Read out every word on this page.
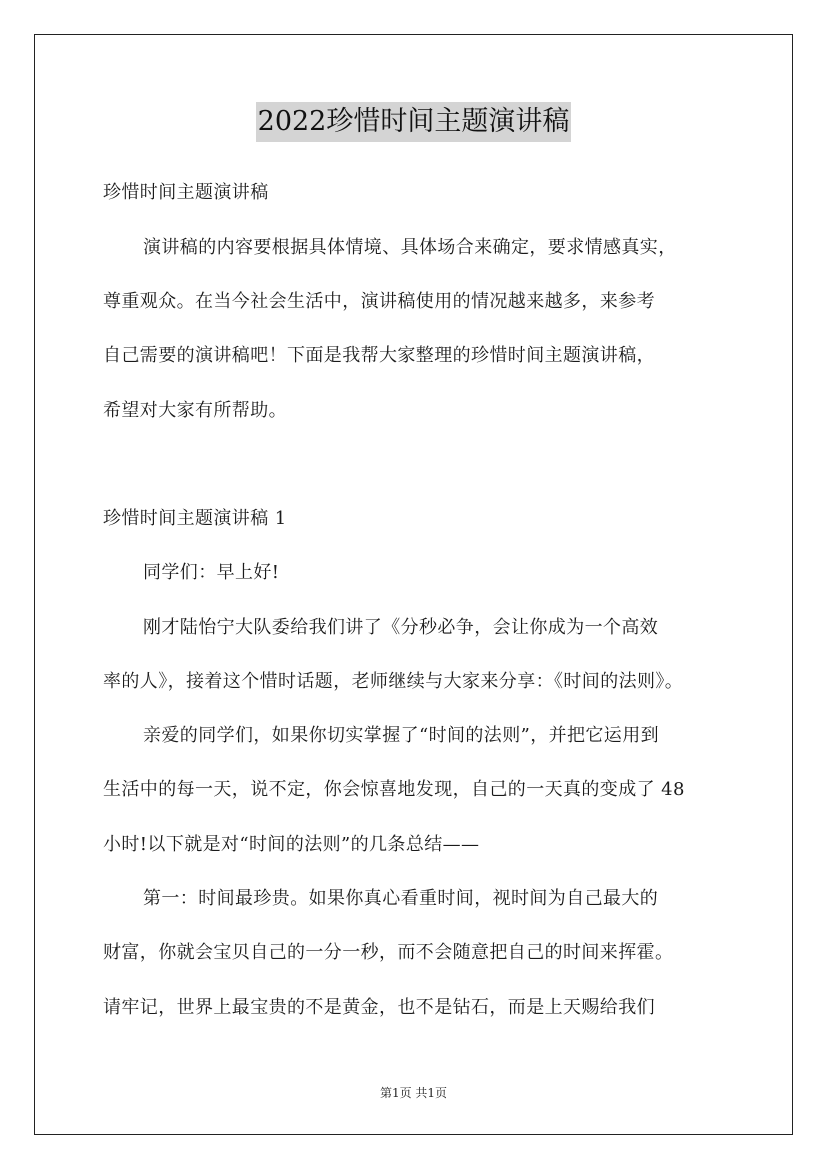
2022珍惜时间主题演讲稿
珍惜时间主题演讲稿
演讲稿的内容要根据具体情境、具体场合来确定，要求情感真实，
尊重观众。在当今社会生活中，演讲稿使用的情况越来越多，来参考
自己需要的演讲稿吧！下面是我帮大家整理的珍惜时间主题演讲稿，
希望对大家有所帮助。
珍惜时间主题演讲稿 1
同学们：早上好!
刚才陆怡宁大队委给我们讲了《分秒必争，会让你成为一个高效
率的人》，接着这个惜时话题，老师继续与大家来分享：《时间的法则》。
亲爱的同学们，如果你切实掌握了“时间的法则”，并把它运用到
生活中的每一天，说不定，你会惊喜地发现，自己的一天真的变成了 48
小时!以下就是对“时间的法则”的几条总结——
第一：时间最珍贵。如果你真心看重时间，视时间为自己最大的
财富，你就会宝贝自己的一分一秒，而不会随意把自己的时间来挥霍。
请牢记，世界上最宝贵的不是黄金，也不是钻石，而是上天赐给我们
第1页 共1页
